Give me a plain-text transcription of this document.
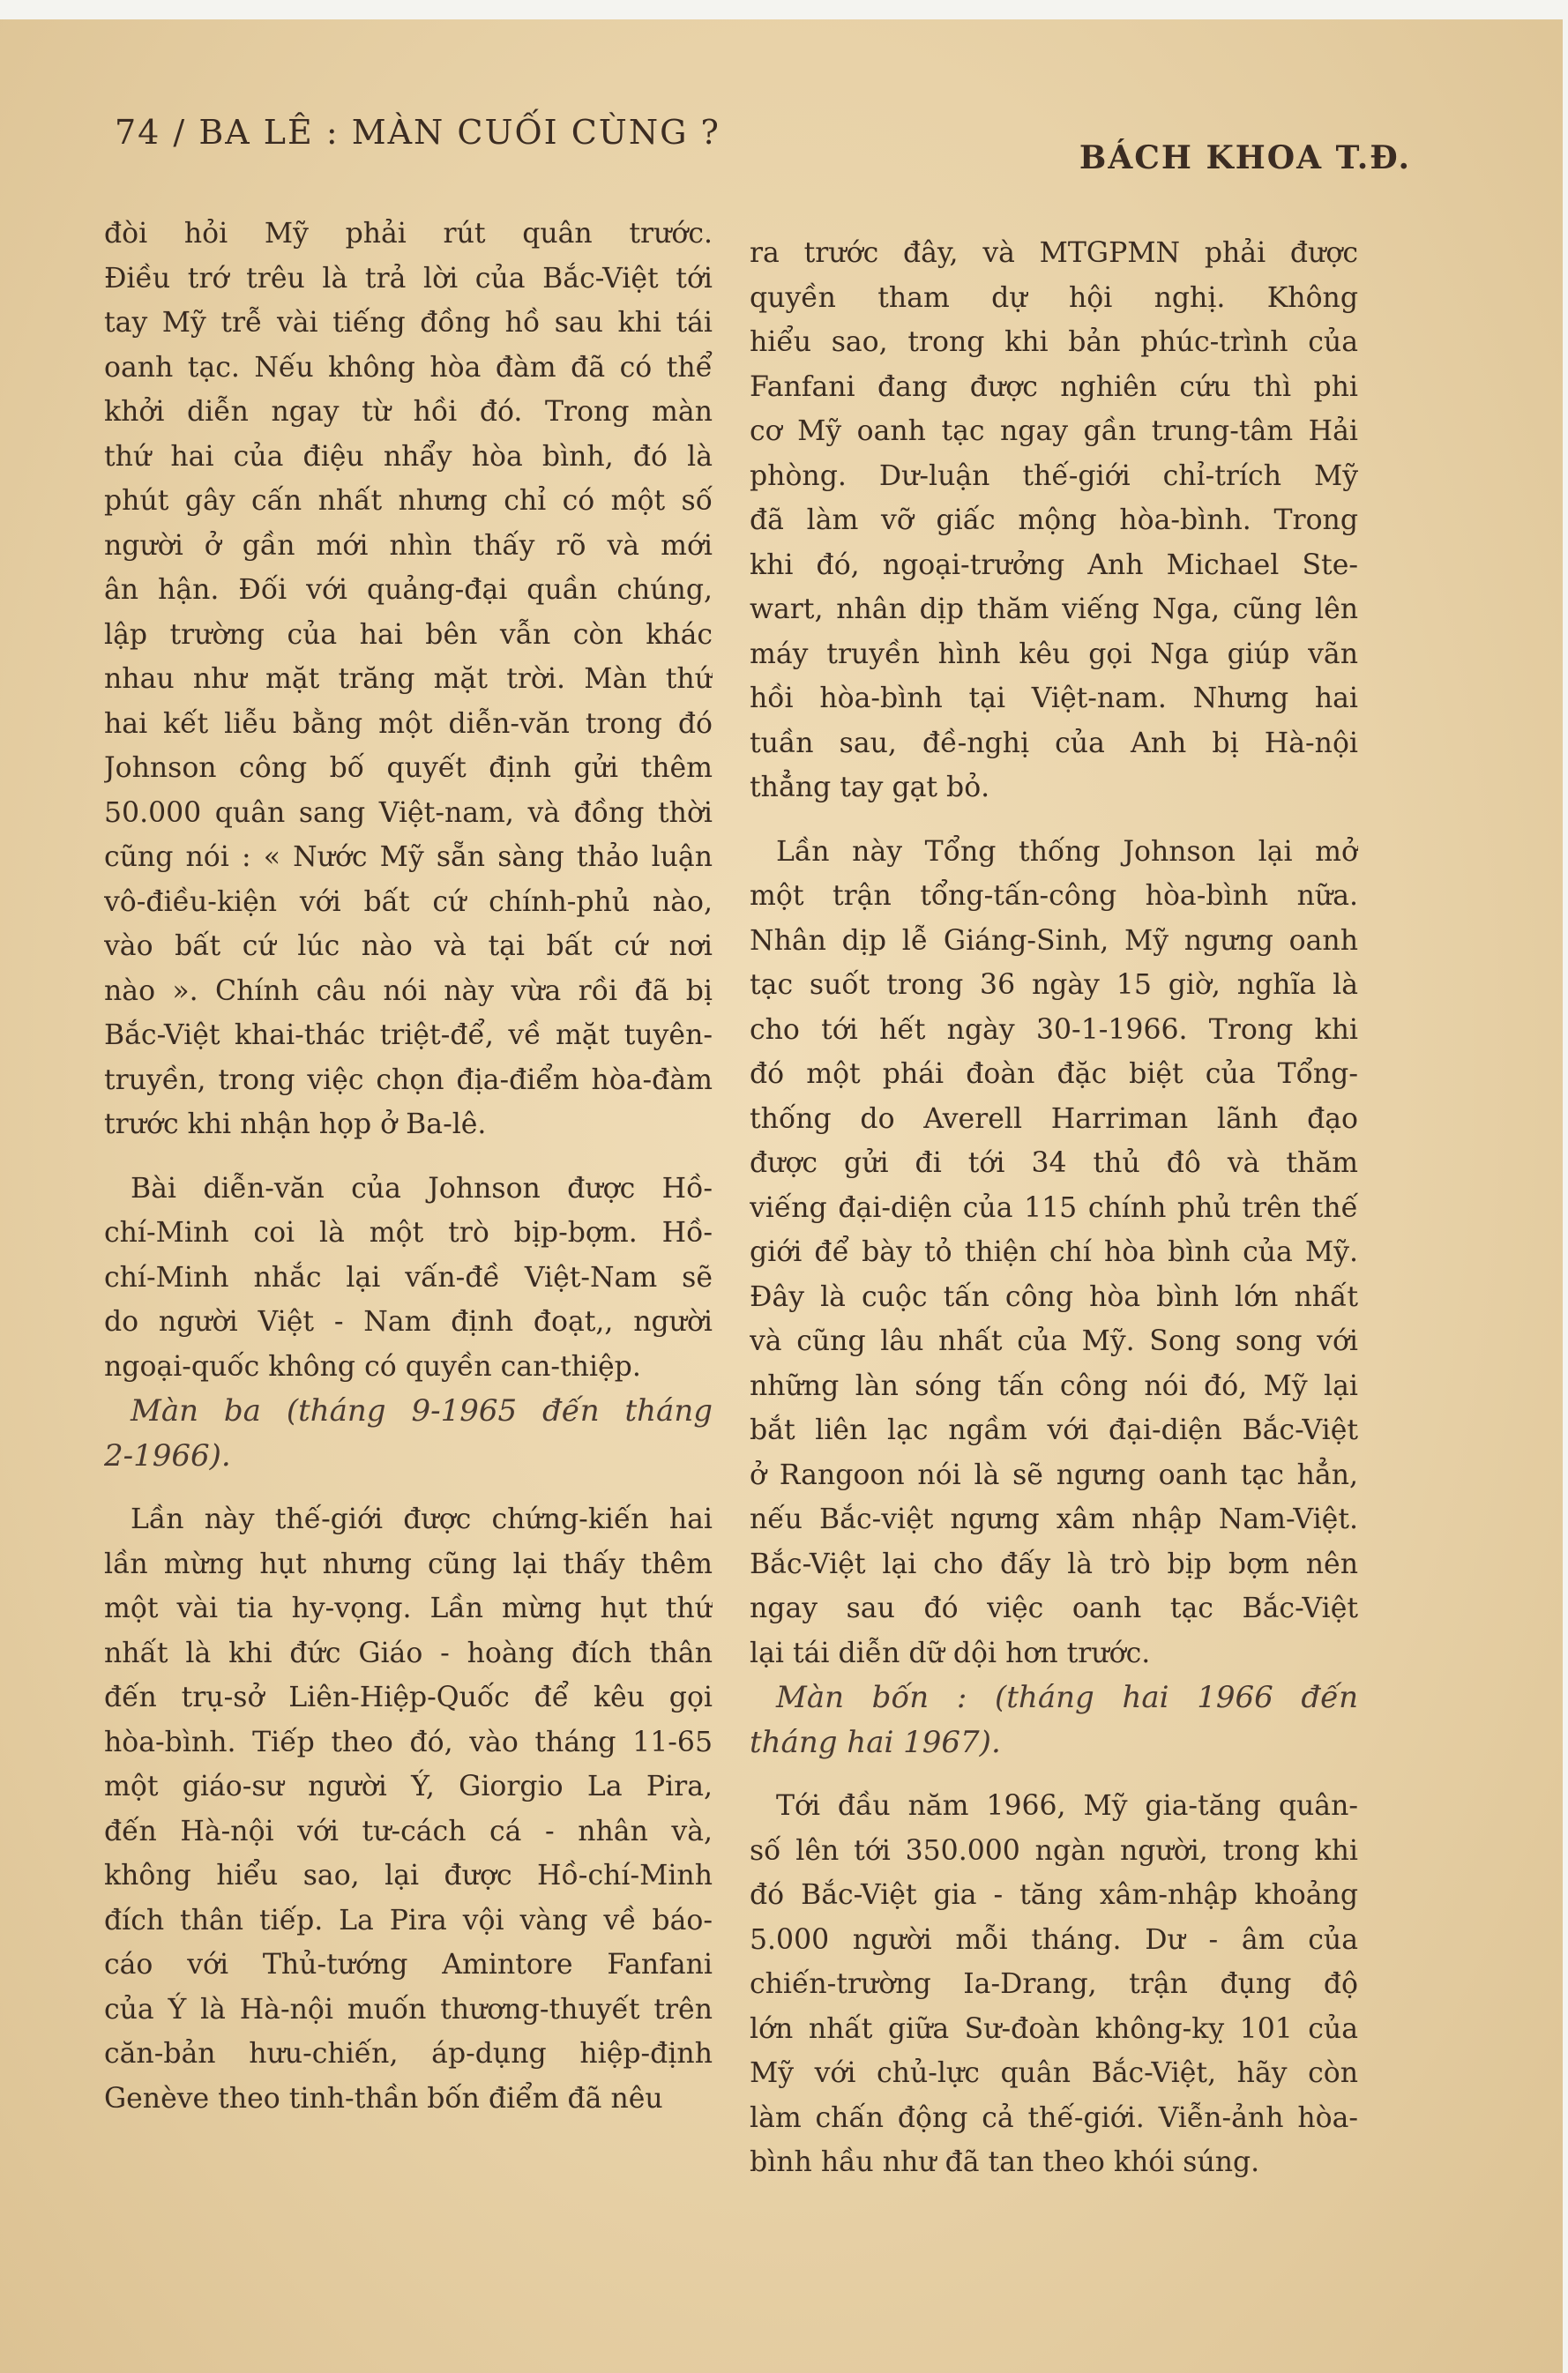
74 / BA LÊ : MÀN CUỐI CÙNG ?
BÁCH KHOA T.Đ.
đòi hỏi Mỹ phải rút quân trước.
Điều trớ trêu là trả lời của Bắc-Việt tới
tay Mỹ trễ vài tiếng đồng hồ sau khi tái
oanh tạc. Nếu không hòa đàm đã có thể
khởi diễn ngay từ hồi đó. Trong màn
thứ hai của điệu nhẩy hòa bình, đó là
phút gây cấn nhất nhưng chỉ có một số
người ở gần mới nhìn thấy rõ và mới
ân hận. Đối với quảng-đại quần chúng,
lập trường của hai bên vẫn còn khác
nhau như mặt trăng mặt trời. Màn thứ
hai kết liễu bằng một diễn-văn trong đó
Johnson công bố quyết định gửi thêm
50.000 quân sang Việt-nam, và đồng thời
cũng nói : « Nước Mỹ sẵn sàng thảo luận
vô-điều-kiện với bất cứ chính-phủ nào,
vào bất cứ lúc nào và tại bất cứ nơi
nào ». Chính câu nói này vừa rồi đã bị
Bắc-Việt khai-thác triệt-để, về mặt tuyên-
truyền, trong việc chọn địa-điểm hòa-đàm
trước khi nhận họp ở Ba-lê.
Bài diễn-văn của Johnson được Hồ-
chí-Minh coi là một trò bịp-bợm. Hồ-
chí-Minh nhắc lại vấn-đề Việt-Nam sẽ
do người Việt - Nam định đoạt,, người
ngoại-quốc không có quyền can-thiệp.
Màn ba (tháng 9-1965 đến tháng
2-1966).
Lần này thế-giới được chứng-kiến hai
lần mừng hụt nhưng cũng lại thấy thêm
một vài tia hy-vọng. Lần mừng hụt thứ
nhất là khi đức Giáo - hoàng đích thân
đến trụ-sở Liên-Hiệp-Quốc để kêu gọi
hòa-bình. Tiếp theo đó, vào tháng 11-65
một giáo-sư người Ý, Giorgio La Pira,
đến Hà-nội với tư-cách cá - nhân và,
không hiểu sao, lại được Hồ-chí-Minh
đích thân tiếp. La Pira vội vàng về báo-
cáo với Thủ-tướng Amintore Fanfani
của Ý là Hà-nội muốn thương-thuyết trên
căn-bản hưu-chiến, áp-dụng hiệp-định
Genève theo tinh-thần bốn điểm đã nêu
ra trước đây, và MTGPMN phải được
quyền tham dự hội nghị. Không
hiểu sao, trong khi bản phúc-trình của
Fanfani đang được nghiên cứu thì phi
cơ Mỹ oanh tạc ngay gần trung-tâm Hải
phòng. Dư-luận thế-giới chỉ-trích Mỹ
đã làm vỡ giấc mộng hòa-bình. Trong
khi đó, ngoại-trưởng Anh Michael Ste-
wart, nhân dịp thăm viếng Nga, cũng lên
máy truyền hình kêu gọi Nga giúp vãn
hồi hòa-bình tại Việt-nam. Nhưng hai
tuần sau, đề-nghị của Anh bị Hà-nội
thẳng tay gạt bỏ.
Lần này Tổng thống Johnson lại mở
một trận tổng-tấn-công hòa-bình nữa.
Nhân dịp lễ Giáng-Sinh, Mỹ ngưng oanh
tạc suốt trong 36 ngày 15 giờ, nghĩa là
cho tới hết ngày 30-1-1966. Trong khi
đó một phái đoàn đặc biệt của Tổng-
thống do Averell Harriman lãnh đạo
được gửi đi tới 34 thủ đô và thăm
viếng đại-diện của 115 chính phủ trên thế
giới để bày tỏ thiện chí hòa bình của Mỹ.
Đây là cuộc tấn công hòa bình lớn nhất
và cũng lâu nhất của Mỹ. Song song với
những làn sóng tấn công nói đó, Mỹ lại
bắt liên lạc ngầm với đại-diện Bắc-Việt
ở Rangoon nói là sẽ ngưng oanh tạc hẳn,
nếu Bắc-việt ngưng xâm nhập Nam-Việt.
Bắc-Việt lại cho đấy là trò bịp bợm nên
ngay sau đó việc oanh tạc Bắc-Việt
lại tái diễn dữ dội hơn trước.
Màn bốn : (tháng hai 1966 đến
tháng hai 1967).
Tới đầu năm 1966, Mỹ gia-tăng quân-
số lên tới 350.000 ngàn người, trong khi
đó Bắc-Việt gia - tăng xâm-nhập khoảng
5.000 người mỗi tháng. Dư - âm của
chiến-trường Ia-Drang, trận đụng độ
lớn nhất giữa Sư-đoàn không-kỵ 101 của
Mỹ với chủ-lực quân Bắc-Việt, hãy còn
làm chấn động cả thế-giới. Viễn-ảnh hòa-
bình hầu như đã tan theo khói súng.
